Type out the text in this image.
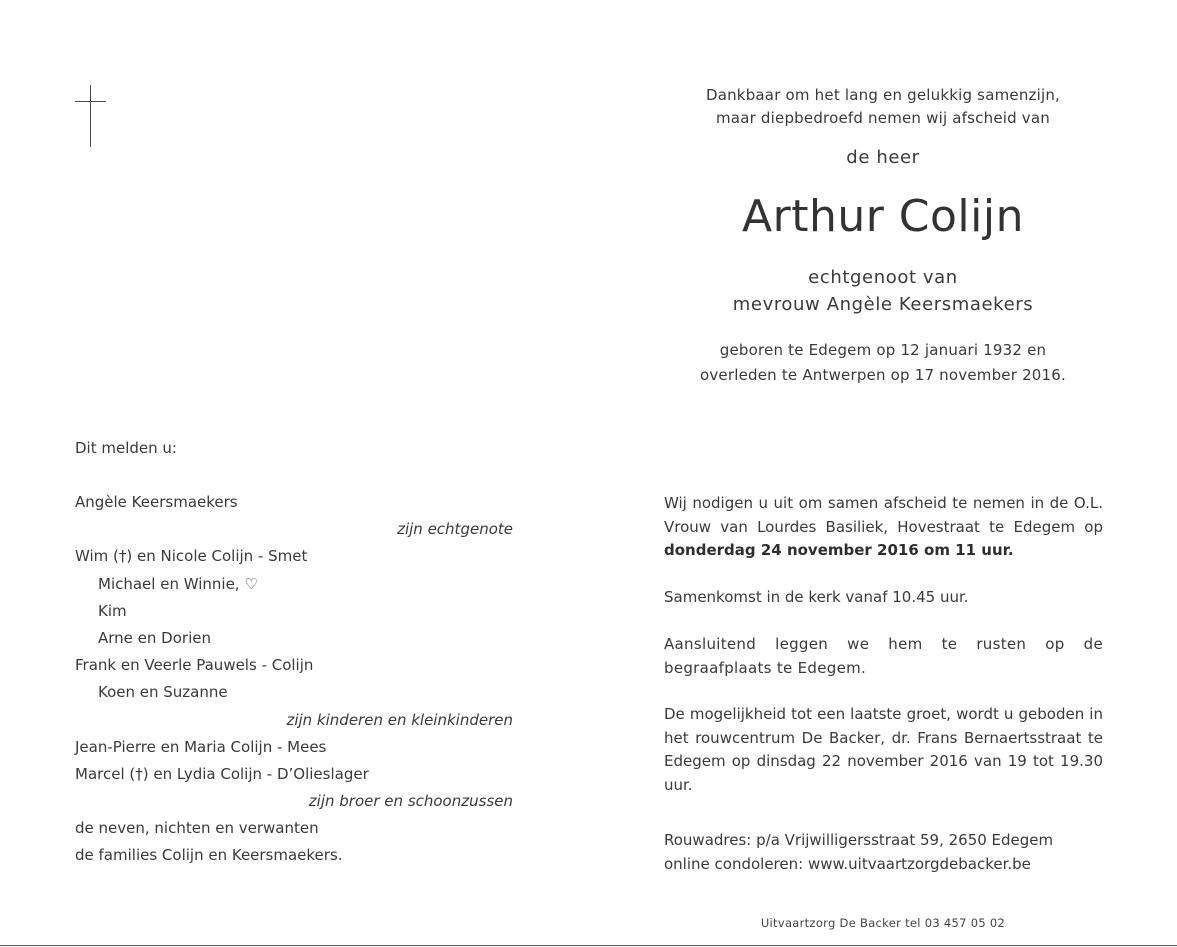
Dankbaar om het lang en gelukkig samenzijn,
maar diepbedroefd nemen wij afscheid van
de heer
Arthur Colijn
echtgenoot van
mevrouw Angèle Keersmaekers
geboren te Edegem op 12 januari 1932 en
overleden te Antwerpen op 17 november 2016.
Dit melden u:
Angèle Keersmaekers
zijn echtgenote
Wim (†) en Nicole Colijn - Smet
Michael en Winnie, ♡
Kim
Arne en Dorien
Frank en Veerle Pauwels - Colijn
Koen en Suzanne
zijn kinderen en kleinkinderen
Jean-Pierre en Maria Colijn - Mees
Marcel (†) en Lydia Colijn - D’Olieslager
zijn broer en schoonzussen
de neven, nichten en verwanten
de families Colijn en Keersmaekers.

Wij nodigen u uit om samen afscheid te nemen in de O.L. Vrouw van Lourdes Basiliek, Hovestraat te Edegem op donderdag 24 november 2016 om 11 uur.

Samenkomst in de kerk vanaf 10.45 uur.

Aansluitend leggen we hem te rusten op de begraafplaats te Edegem.

De mogelijkheid tot een laatste groet, wordt u geboden in het rouwcentrum De Backer, dr. Frans Bernaertsstraat te Edegem op dinsdag 22 november 2016 van 19 tot 19.30 uur.

Rouwadres: p/a Vrijwilligersstraat 59, 2650 Edegem
online condoleren: www.uitvaartzorgdebacker.be
Uitvaartzorg De Backer tel 03 457 05 02
